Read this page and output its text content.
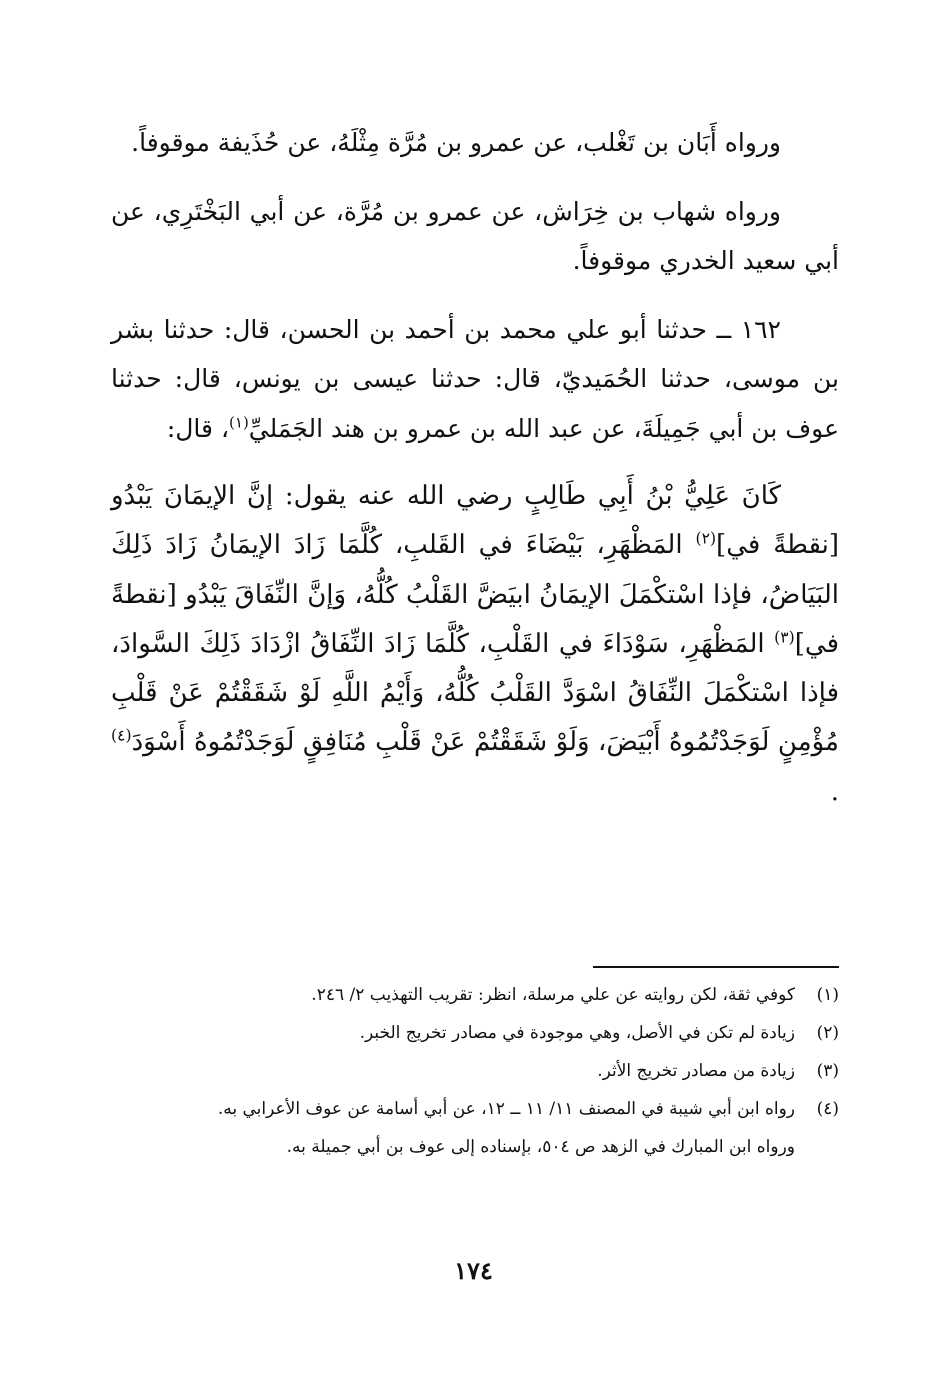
ورواه أَبَان بن تَغْلب، عن عمرو بن مُرَّة مِثْلَهُ، عن حُذَيفة موقوفاً.

ورواه شهاب بن خِرَاش، عن عمرو بن مُرَّة، عن أبي البَخْتَرِي، عن أبي سعيد الخدري موقوفاً.

١٦٢ ــ حدثنا أبو علي محمد بن أحمد بن الحسن، قال: حدثنا بشر بن موسى، حدثنا الحُمَيديّ، قال: حدثنا عيسى بن يونس، قال: حدثنا عوف بن أبي جَمِيلَةَ، عن عبد الله بن عمرو بن هند الجَمَليِّ$^{(١)}$، قال:

كَانَ عَلِيُّ بْنُ أَبِي طَالِبٍ رضي الله عنه يقول: إنَّ الإيمَانَ يَبْدُو [نقطةً في]$^{(٢)}$ المَظْهَرِ، بَيْضَاءَ في القَلبِ، كُلَّمَا زَادَ الإيمَانُ زَادَ ذَلِكَ البَيَاضُ، فإذا اسْتكْمَلَ الإيمَانُ ابيَضَّ القَلْبُ كُلُّهُ، وَإنَّ النِّفَاقَ يَبْدُو [نقطةً في]$^{(٣)}$ المَظْهَرِ، سَوْدَاءَ في القَلْبِ، كُلَّمَا زَادَ النِّفَاقُ ازْدَادَ ذَلِكَ السَّوادَ، فإذا اسْتكْمَلَ النِّفَاقُ اسْوَدَّ القَلْبُ كُلُّهُ، وَأَيْمُ اللَّهِ لَوْ شَقَقْتُمْ عَنْ قَلْبِ مُؤْمِنٍ لَوَجَدْتُمُوهُ أَبْيَضَ، وَلَوْ شَقَقْتُمْ عَنْ قَلْبِ مُنَافِقٍ لَوَجَدْتُمُوهُ أَسْوَدَ$^{(٤)}$ .

(١)
كوفي ثقة، لكن روايته عن علي مرسلة، انظر: تقريب التهذيب ٢/ ٢٤٦.
(٢)
زيادة لم تكن في الأصل، وهي موجودة في مصادر تخريج الخبر.
(٣)
زيادة من مصادر تخريج الأثر.
(٤)
رواه ابن أبي شيبة في المصنف ١١/ ١١ ــ ١٢، عن أبي أسامة عن عوف الأعرابي به.
ورواه ابن المبارك في الزهد ص ٥٠٤، بإسناده إلى عوف بن أبي جميلة به.
١٧٤
